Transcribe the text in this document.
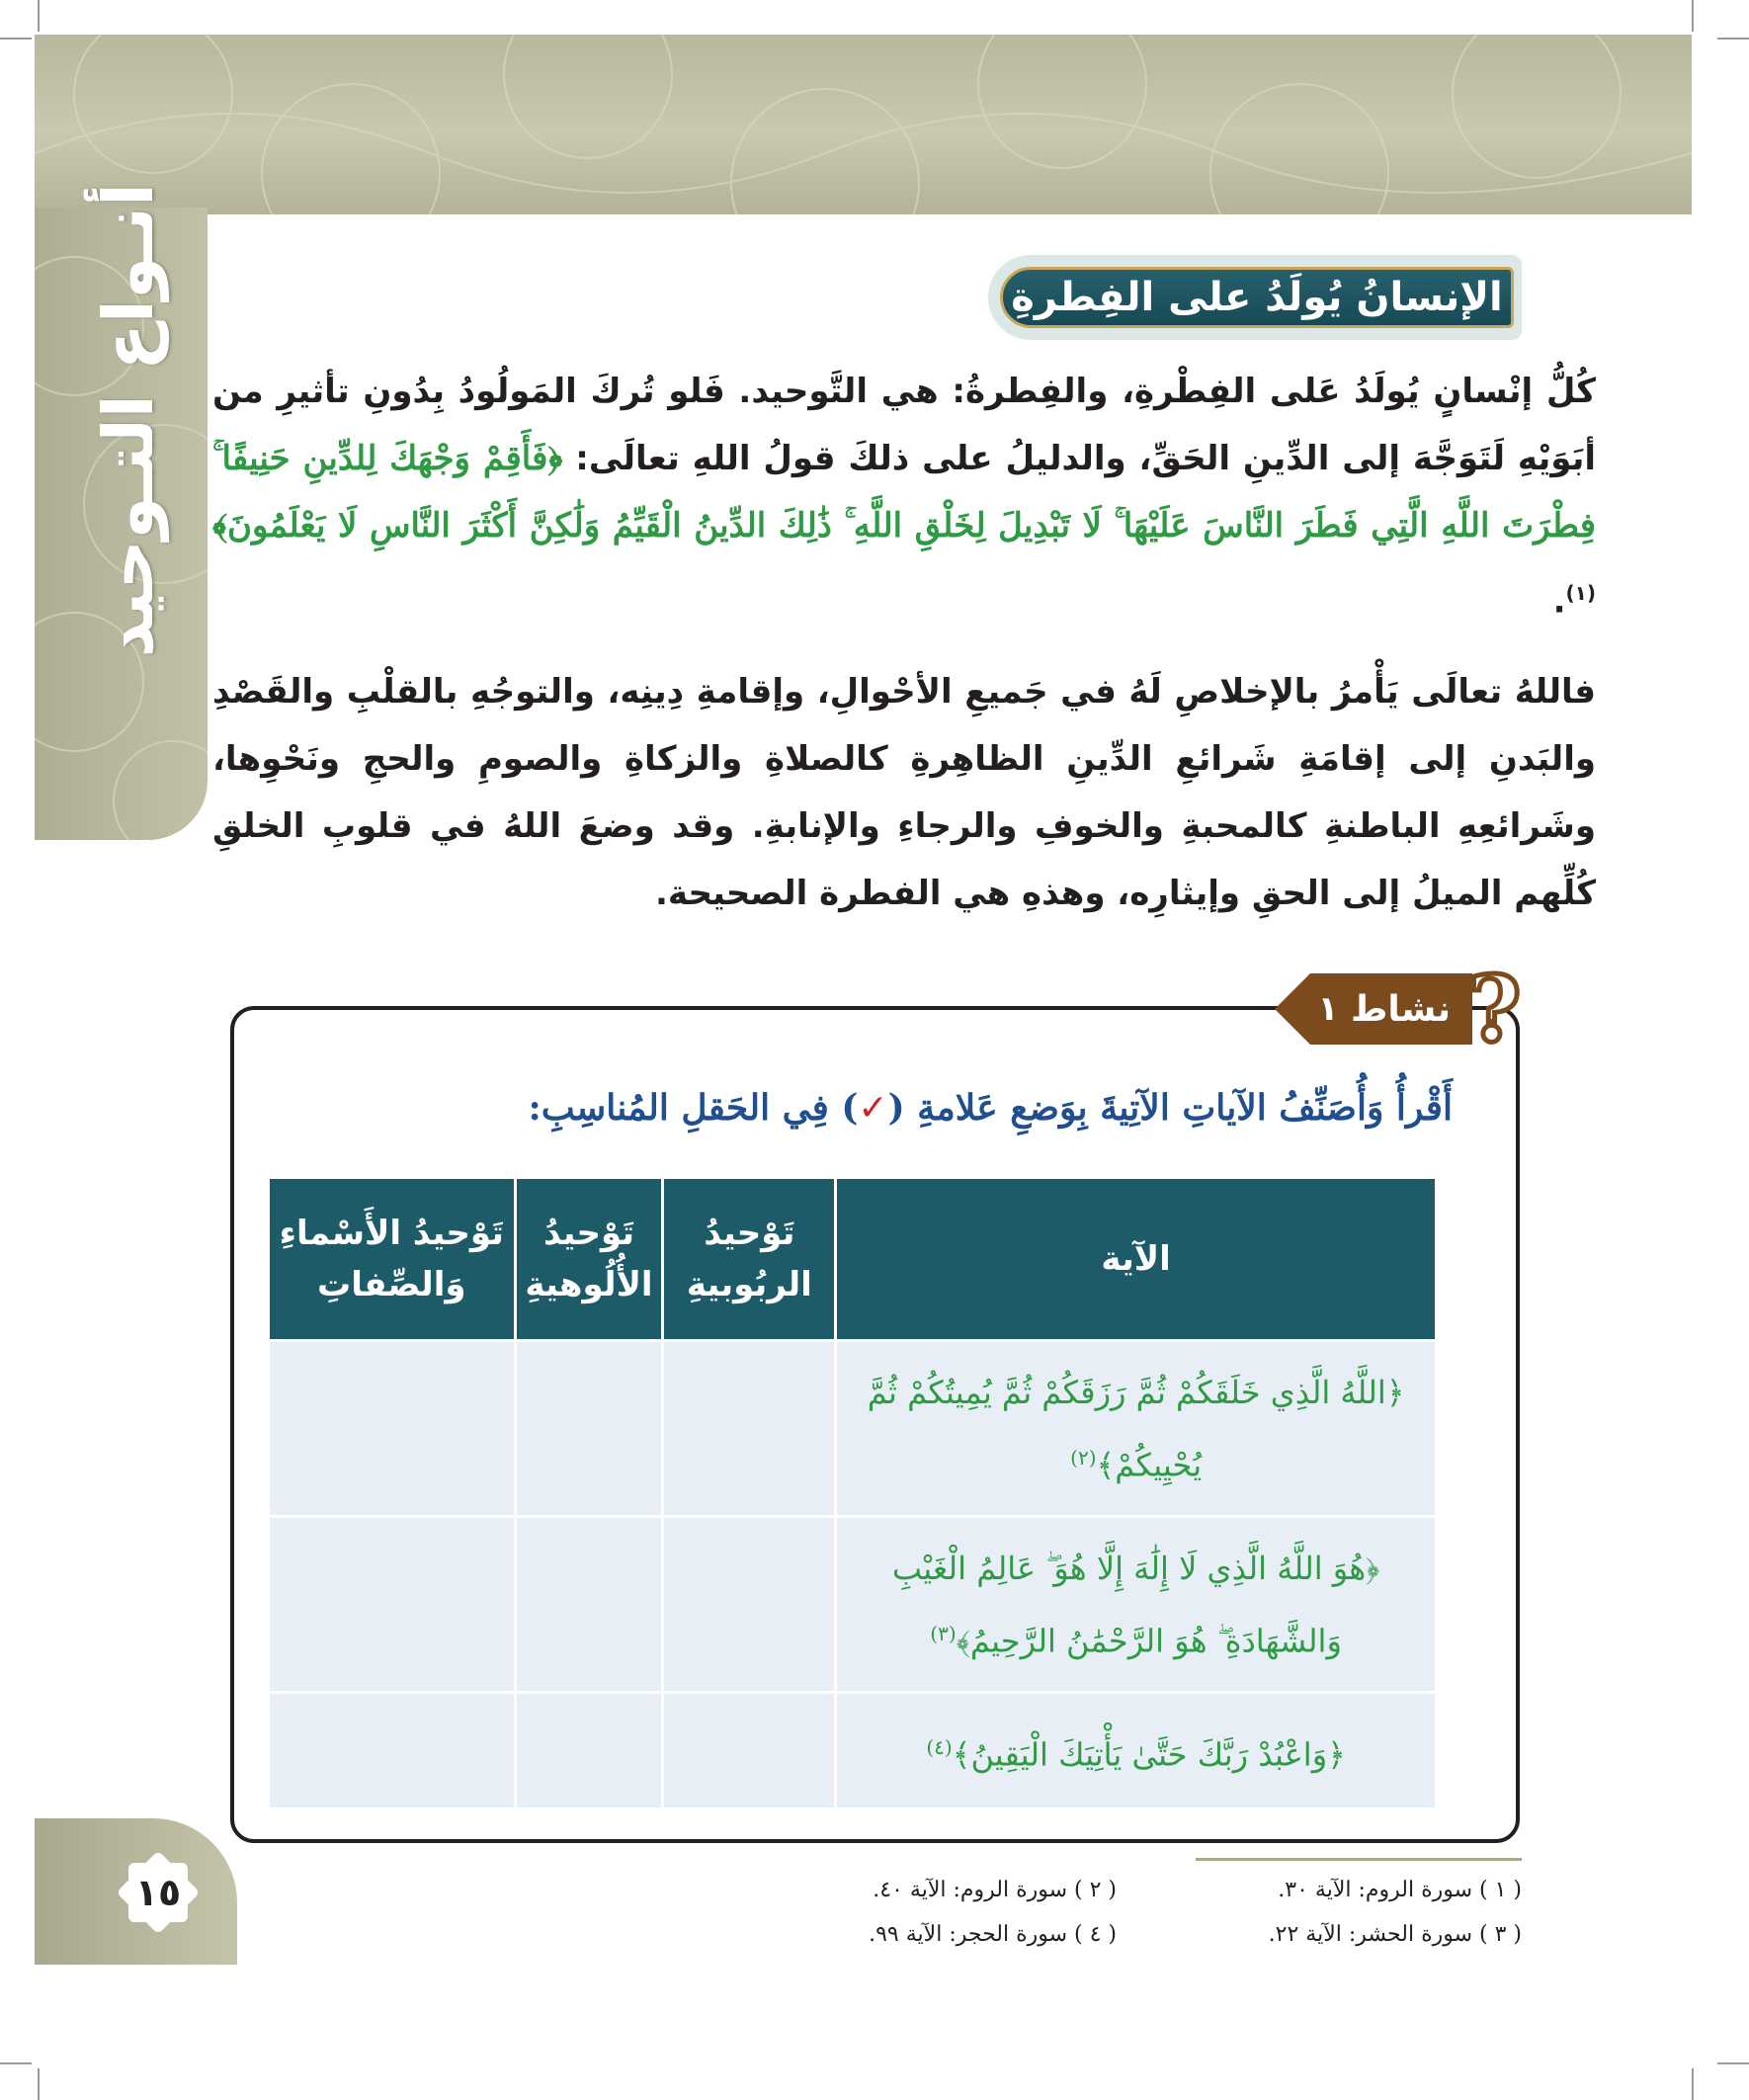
أنـواع التـوحيد	الإنسانُ يُولَدُ على الفِطرةِ
كُلُّ إنْسانٍ يُولَدُ عَلى الفِطْرةِ، والفِطرةُ: هي التَّوحيد. فَلو تُركَ المَولُودُ بِدُونِ تأثيرِ من أبَوَيْهِ لَتَوَجَّهَ إلى الدِّينِ الحَقِّ، والدليلُ على ذلكَ قولُ اللهِ تعالَى: ﴿فَأَقِمْ وَجْهَكَ لِلدِّينِ حَنِيفًا ۚ فِطْرَتَ اللَّهِ الَّتِي فَطَرَ النَّاسَ عَلَيْهَا ۚ لَا تَبْدِيلَ لِخَلْقِ اللَّهِ ۚ ذَٰلِكَ الدِّينُ الْقَيِّمُ وَلَٰكِنَّ أَكْثَرَ النَّاسِ لَا يَعْلَمُونَ﴾$^{(١)}$.
فاللهُ تعالَى يَأْمرُ بالإخلاصِ لَهُ في جَميعِ الأحْوالِ، وإقامةِ دِينِه، والتوجُهِ بالقلْبِ والقَصْدِ والبَدنِ إلى إقامَةِ شَرائعِ الدِّينِ الظاهِرةِ كالصلاةِ والزكاةِ والصومِ والحجِ ونَحْوِها، وشَرائعِهِ الباطنةِ كالمحبةِ والخوفِ والرجاءِ والإنابةِ. وقد وضعَ اللهُ في قلوبِ الخلقِ كُلِّهم الميلُ إلى الحقِ وإيثارِه، وهذهِ هي الفطرة الصحيحة.
١ نشاط ?
أَقْرأُ وَأُصَنِّفُ الآياتِ الآتِيةَ بِوَضعِ عَلامةِ (✓) فِي الحَقلِ المُناسِبِ:
الآية	تَوْحيدُ الربُوبيةِ	تَوْحيدُ الأُلُوهيةِ	تَوْحيدُ الأَسْماءِ وَالصِّفاتِ
﴿اللَّهُ الَّذِي خَلَقَكُمْ ثُمَّ رَزَقَكُمْ ثُمَّ يُمِيتُكُمْ ثُمَّ يُحْيِيكُمْ﴾$^{(٢)}$			
﴿هُوَ اللَّهُ الَّذِي لَا إِلَٰهَ إِلَّا هُوَ ۖ عَالِمُ الْغَيْبِ وَالشَّهَادَةِ ۖ هُوَ الرَّحْمَٰنُ الرَّحِيمُ﴾$^{(٣)}$			
﴿وَاعْبُدْ رَبَّكَ حَتَّىٰ يَأْتِيَكَ الْيَقِينُ﴾$^{(٤)}$			
١٥	( ١ ) سورة الروم: الآية ٣٠.
( ٢ ) سورة الروم: الآية ٤٠.
( ٣ ) سورة الحشر: الآية ٢٢.
( ٤ ) سورة الحجر: الآية ٩٩.
